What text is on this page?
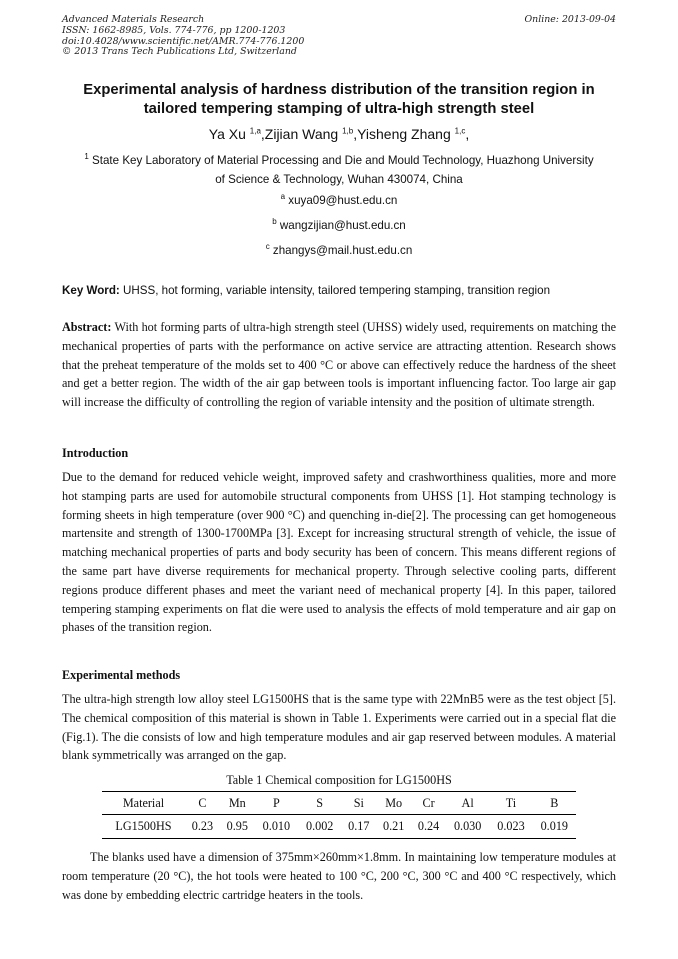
Advanced Materials Research
ISSN: 1662-8985, Vols. 774-776, pp 1200-1203
doi:10.4028/www.scientific.net/AMR.774-776.1200
© 2013 Trans Tech Publications Ltd, Switzerland
Online: 2013-09-04
Experimental analysis of hardness distribution of the transition region in
tailored tempering stamping of ultra-high strength steel
Ya Xu $^{1,a}$,Zijian Wang $^{1,b}$,Yisheng Zhang $^{1,c}$,
$^1$ State Key Laboratory of Material Processing and Die and Mould Technology, Huazhong University
of Science & Technology, Wuhan 430074, China
$^a$ xuya09@hust.edu.cn
$^b$ wangzijian@hust.edu.cn
$^c$ zhangys@mail.hust.edu.cn
Key Word: UHSS, hot forming, variable intensity, tailored tempering stamping, transition region
Abstract: With hot forming parts of ultra-high strength steel (UHSS) widely used, requirements on matching the mechanical properties of parts with the performance on active service are attracting attention. Research shows that the preheat temperature of the molds set to 400 °C or above can effectively reduce the hardness of the sheet and get a better region. The width of the air gap between tools is important influencing factor. Too large air gap will increase the difficulty of controlling the region of variable intensity and the position of ultimate strength.
Introduction
Due to the demand for reduced vehicle weight, improved safety and crashworthiness qualities, more and more hot stamping parts are used for automobile structural components from UHSS [1]. Hot stamping technology is forming sheets in high temperature (over 900 °C) and quenching in-die[2]. The processing can get homogeneous martensite and strength of 1300-1700MPa [3]. Except for increasing structural strength of vehicle, the issue of matching mechanical properties of parts and body security has been of concern. This means different regions of the same part have diverse requirements for mechanical property. Through selective cooling parts, different regions produce different phases and meet the variant need of mechanical property [4]. In this paper, tailored tempering stamping experiments on flat die were used to analysis the effects of mold temperature and air gap on phases of the transition region.
Experimental methods
The ultra-high strength low alloy steel LG1500HS that is the same type with 22MnB5 were as the test object [5]. The chemical composition of this material is shown in Table 1. Experiments were carried out in a special flat die (Fig.1). The die consists of low and high temperature modules and air gap reserved between modules. A material blank symmetrically was arranged on the gap.
Table 1 Chemical composition for LG1500HS
Material	C	Mn	P	S	Si	Mo	Cr	Al	Ti	B
LG1500HS	0.23	0.95	0.010	0.002	0.17	0.21	0.24	0.030	0.023	0.019
The blanks used have a dimension of 375mm×260mm×1.8mm. In maintaining low temperature modules at room temperature (20 °C), the hot tools were heated to 100 °C, 200 °C, 300 °C and 400 °C respectively, which was done by embedding electric cartridge heaters in the tools.
